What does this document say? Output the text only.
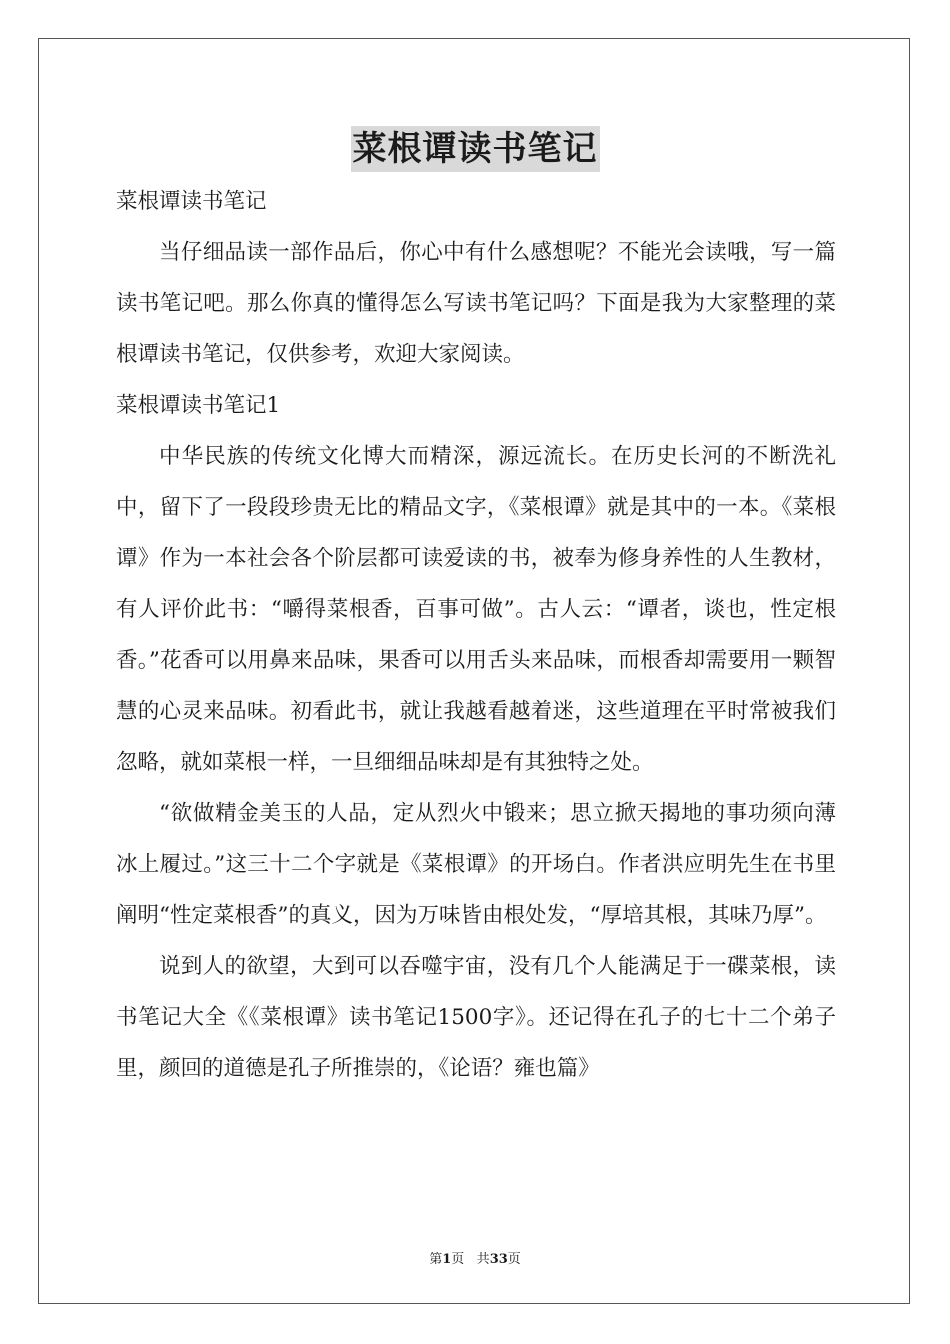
菜根谭读书笔记

菜根谭读书笔记

当仔细品读一部作品后，你心中有什么感想呢？不能光会读哦，写一篇读书笔记吧。那么你真的懂得怎么写读书笔记吗？下面是我为大家整理的菜根谭读书笔记，仅供参考，欢迎大家阅读。

菜根谭读书笔记1

中华民族的传统文化博大而精深，源远流长。在历史长河的不断洗礼中，留下了一段段珍贵无比的精品文字，《菜根谭》就是其中的一本。《菜根谭》作为一本社会各个阶层都可读爱读的书，被奉为修身养性的人生教材，有人评价此书：“嚼得菜根香，百事可做”。古人云：“谭者，谈也，性定根香。”花香可以用鼻来品味，果香可以用舌头来品味，而根香却需要用一颗智慧的心灵来品味。初看此书，就让我越看越着迷，这些道理在平时常被我们忽略，就如菜根一样，一旦细细品味却是有其独特之处。

“欲做精金美玉的人品，定从烈火中锻来；思立掀天揭地的事功须向薄冰上履过。”这三十二个字就是《菜根谭》的开场白。作者洪应明先生在书里阐明“性定菜根香”的真义，因为万味皆由根处发，“厚培其根，其味乃厚”。

说到人的欲望，大到可以吞噬宇宙，没有几个人能满足于一碟菜根，读书笔记大全《《菜根谭》读书笔记1500字》。还记得在孔子的七十二个弟子里，颜回的道德是孔子所推崇的，《论语？雍也篇》

第1页 共33页
